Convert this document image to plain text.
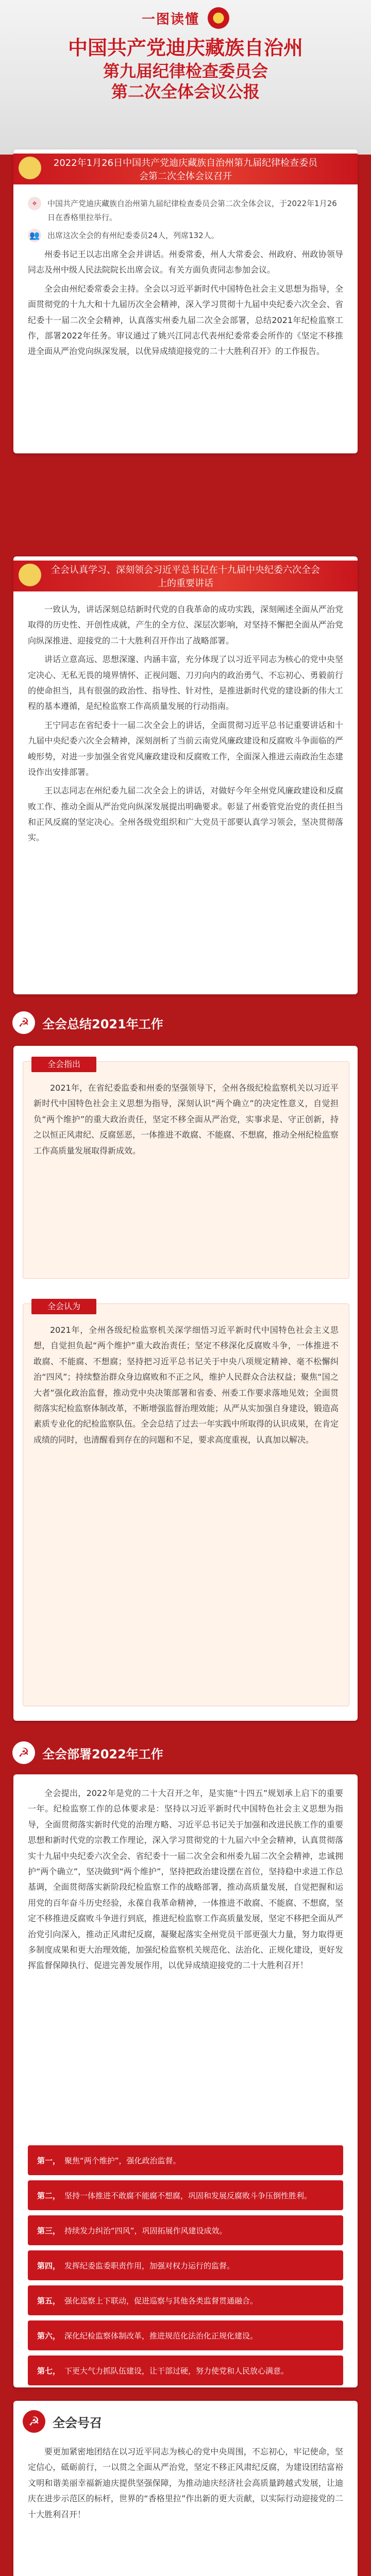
一图读懂
中国共产党迪庆藏族自治州
第九届纪律检查委员会
第二次全体会议公报
2022年1月26日中国共产党迪庆藏族自治州第九届纪律检查委员会第二次全体会议召开
⌖	中国共产党迪庆藏族自治州第九届纪律检查委员会第二次全体会议，于2022年1月26日在香格里拉举行。
👥 出席这次全会的有州纪委委员24人，列席132人。

州委书记王以志出席全会并讲话。州委常委，州人大常委会、州政府、州政协领导同志及州中级人民法院院长出席会议。有关方面负责同志参加会议。

全会由州纪委常委会主持。全会以习近平新时代中国特色社会主义思想为指导，全面贯彻党的十九大和十九届历次全会精神，深入学习贯彻十九届中央纪委六次全会、省纪委十一届二次全会精神，认真落实州委九届二次全会部署，总结2021年纪检监察工作，部署2022年任务。审议通过了姚兴江同志代表州纪委常委会所作的《坚定不移推进全面从严治党向纵深发展，以优异成绩迎接党的二十大胜利召开》的工作报告。

全会认真学习、深刻领会习近平总书记在十九届中央纪委六次全会上的重要讲话

一致认为，讲话深刻总结新时代党的自我革命的成功实践，深刻阐述全面从严治党取得的历史性、开创性成就，产生的全方位、深层次影响，对坚持不懈把全面从严治党向纵深推进、迎接党的二十大胜利召开作出了战略部署。

讲话立意高远、思想深邃、内涵丰富，充分体现了以习近平同志为核心的党中央坚定决心、无私无畏的境界情怀、正视问题、刀刃向内的政治勇气、不忘初心、勇毅前行的使命担当，具有很强的政治性、指导性、针对性，是推进新时代党的建设新的伟大工程的基本遵循，是纪检监察工作高质量发展的行动指南。

王宁同志在省纪委十一届二次全会上的讲话，全面贯彻习近平总书记重要讲话和十九届中央纪委六次全会精神，深刻剖析了当前云南党风廉政建设和反腐败斗争面临的严峻形势，对进一步加强全省党风廉政建设和反腐败工作，全面深入推进云南政治生态建设作出安排部署。

王以志同志在州纪委九届二次全会上的讲话，对做好今年全州党风廉政建设和反腐败工作、推动全面从严治党向纵深发展提出明确要求。彰显了州委管党治党的责任担当和正风反腐的坚定决心。全州各级党组织和广大党员干部要认真学习领会，坚决贯彻落实。

☭	全会总结2021年工作
全会指出

2021年，在省纪委监委和州委的坚强领导下，全州各级纪检监察机关以习近平新时代中国特色社会主义思想为指导，深刻认识“两个确立”的决定性意义，自觉担负“两个维护”的重大政治责任，坚定不移全面从严治党，实事求是、守正创新，持之以恒正风肃纪、反腐惩恶，一体推进不敢腐、不能腐、不想腐，推动全州纪检监察工作高质量发展取得新成效。

全会认为

2021年，全州各级纪检监察机关深学细悟习近平新时代中国特色社会主义思想，自觉担负起“两个维护”重大政治责任；坚定不移深化反腐败斗争，一体推进不敢腐、不能腐、不想腐；坚持把习近平总书记关于中央八项规定精神、毫不松懈纠治“四风”；持续整治群众身边腐败和不正之风，维护人民群众合法权益；聚焦“国之大者”强化政治监督，推动党中央决策部署和省委、州委工作要求落地见效；全面贯彻落实纪检监察体制改革，不断增强监督治理效能；从严从实加强自身建设，锻造高素质专业化的纪检监察队伍。全会总结了过去一年实践中所取得的认识成果，在肯定成绩的同时，也清醒看到存在的问题和不足，要求高度重视，认真加以解决。

☭	全会部署2022年工作

全会提出，2022年是党的二十大召开之年，是实施“十四五”规划承上启下的重要一年。纪检监察工作的总体要求是：坚持以习近平新时代中国特色社会主义思想为指导，全面贯彻落实新时代党的治理方略、习近平总书记关于加强和改进民族工作的重要思想和新时代党的宗教工作理论，深入学习贯彻党的十九届六中全会精神，认真贯彻落实十九届中央纪委六次全会、省纪委十一届二次全会和州委九届二次全会精神，忠诚拥护“两个确立”，坚决做到“两个维护”，坚持把政治建设摆在首位，坚持稳中求进工作总基调，全面贯彻落实新阶段纪检监察工作的战略部署，推动高质量发展，自觉把握和运用党的百年奋斗历史经验，永葆自我革命精神，一体推进不敢腐、不能腐、不想腐，坚定不移推进反腐败斗争进行到底，推进纪检监察工作高质量发展，坚定不移把全面从严治党引向深入，推动正风肃纪反腐，凝聚起落实全州党员干部更强大力量，努力取得更多制度成果和更大治理效能，加强纪检监察机关规范化、法治化、正规化建设，更好发挥监督保障执行、促进完善发展作用，以优异成绩迎接党的二十大胜利召开！

第一， 聚焦“两个维护”，强化政治监督。
第二， 坚持一体推进不敢腐不能腐不想腐，巩固和发展反腐败斗争压倒性胜利。
第三， 持续发力纠治“四风”，巩固拓展作风建设成效。
第四， 发挥纪委监委职责作用，加强对权力运行的监督。
第五， 强化巡察上下联动，促进巡察与其他各类监督贯通融合。
第六， 深化纪检监察体制改革，推进规范化法治化正规化建设。
第七， 下更大气力抓队伍建设，让干部过硬，努力使党和人民放心满意。
☭	全会号召

要更加紧密地团结在以习近平同志为核心的党中央周围，不忘初心，牢记使命，坚定信心，砥砺前行，一以贯之全面从严治党，坚定不移正风肃纪反腐，为建设团结富裕文明和谐美丽幸福新迪庆提供坚强保障，为推动迪庆经济社会高质量跨越式发展，让迪庆在进步示范区的标杆，世界的“香格里拉”作出新的更大贡献，以实际行动迎接党的二十大胜利召开！
